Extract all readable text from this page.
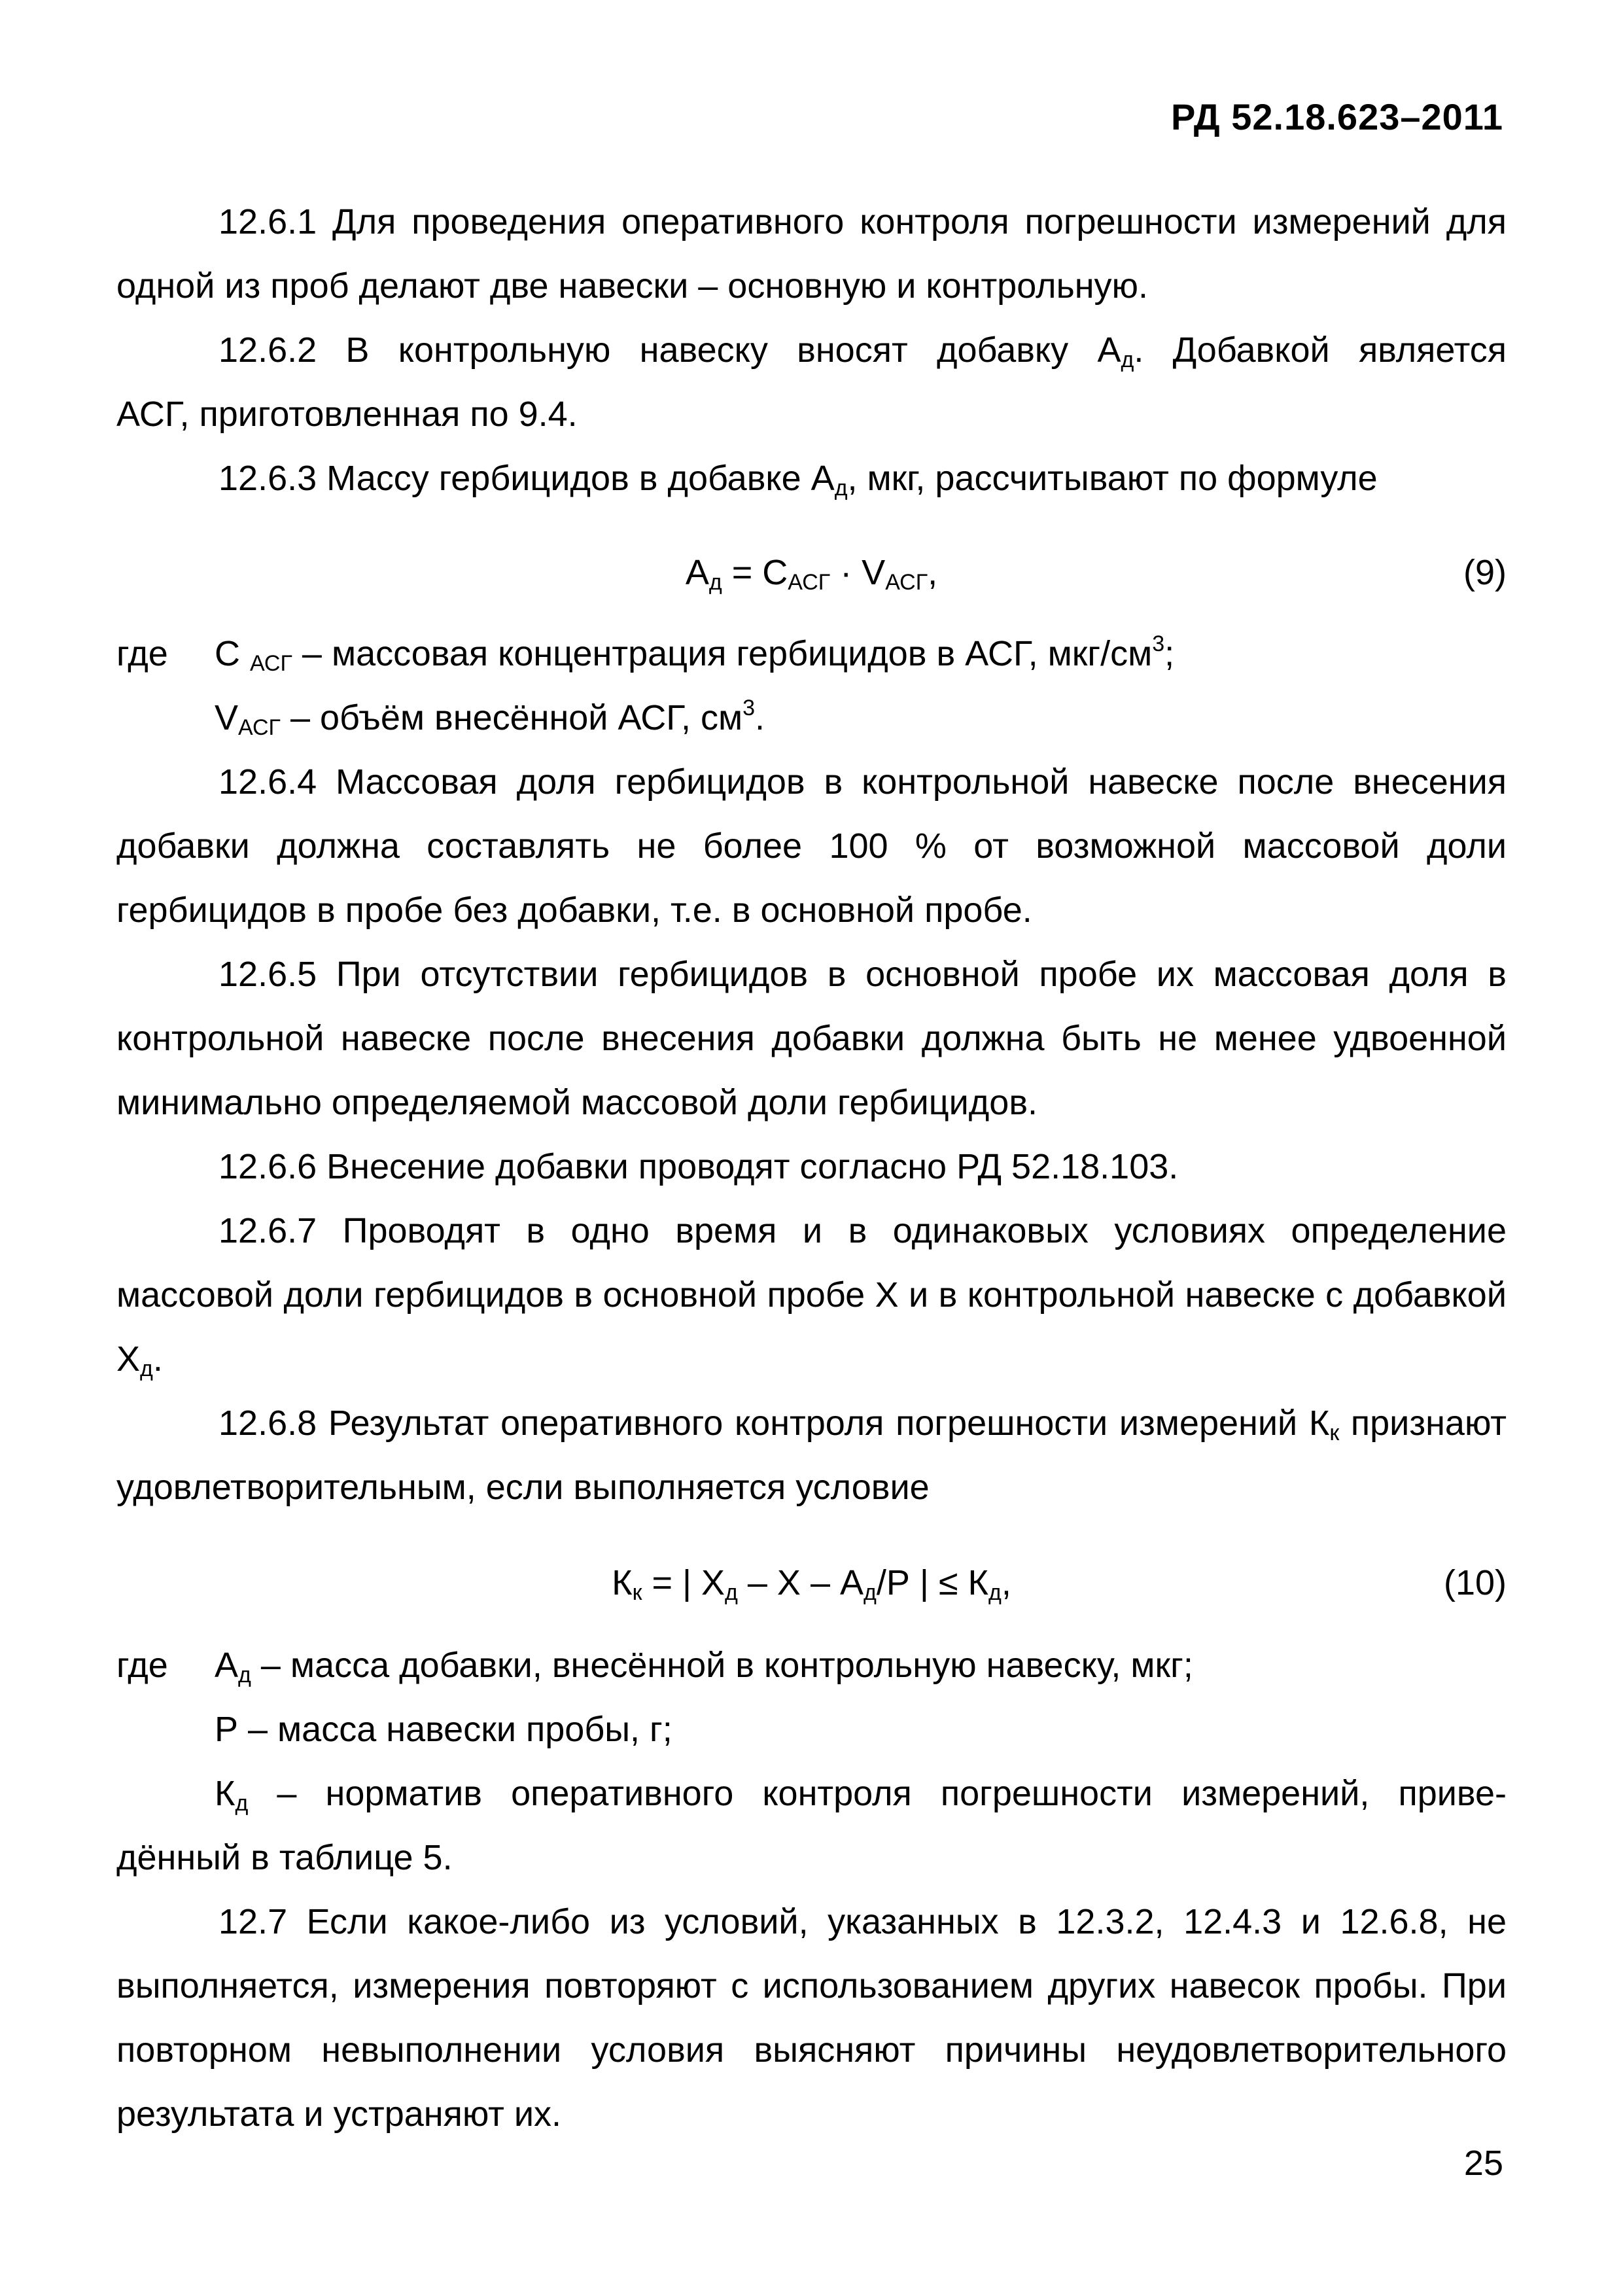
РД 52.18.623–2011
12.6.1 Для проведения оперативного контроля погрешности измерений для одной из проб делают две навески – основную и контрольную.
12.6.2 В контрольную навеску вносят добавку $А_д$. Добавкой является
АСГ, приготовленная по 9.4.
12.6.3 Массу гербицидов в добавке $А_д$, мкг, рассчитывают по формуле
$А_д = С_{АСГ} \cdot V_{АСГ}$,	(9)
где С $_{АСГ}$ – массовая концентрация гербицидов в АСГ, мкг/$см^3$;
$V_{АСГ}$ – объём внесённой АСГ, $см^3$.
12.6.4 Массовая доля гербицидов в контрольной навеске после внесения добавки должна составлять не более 100 % от возможной массовой доли гербицидов в пробе без добавки, т.е. в основной пробе.
12.6.5 При отсутствии гербицидов в основной пробе их массовая доля в контрольной навеске после внесения добавки должна быть не менее удвоенной минимально определяемой массовой доли гербицидов.
12.6.6 Внесение добавки проводят согласно РД 52.18.103.
12.6.7 Проводят в одно время и в одинаковых условиях определение массовой доли гербицидов в основной пробе Х и в контрольной навеске с добавкой $Х_д$.
12.6.8 Результат оперативного контроля погрешности измерений $К_к$ признают удовлетворительным, если выполняется условие
$К_к$ = | $Х_д$ – Х – $А_д/Р$ | ≤ $К_д$,	(10)
где $А_д$ – масса добавки, внесённой в контрольную навеску, мкг;
Р – масса навески пробы, г;
$К_д$ – норматив оперативного контроля погрешности измерений, приве-
дённый в таблице 5.
12.7 Если какое-либо из условий, указанных в 12.3.2, 12.4.3 и 12.6.8, не выполняется, измерения повторяют с использованием других навесок пробы. При повторном невыполнении условия выясняют причины неудовлетворительного результата и устраняют их.
25
